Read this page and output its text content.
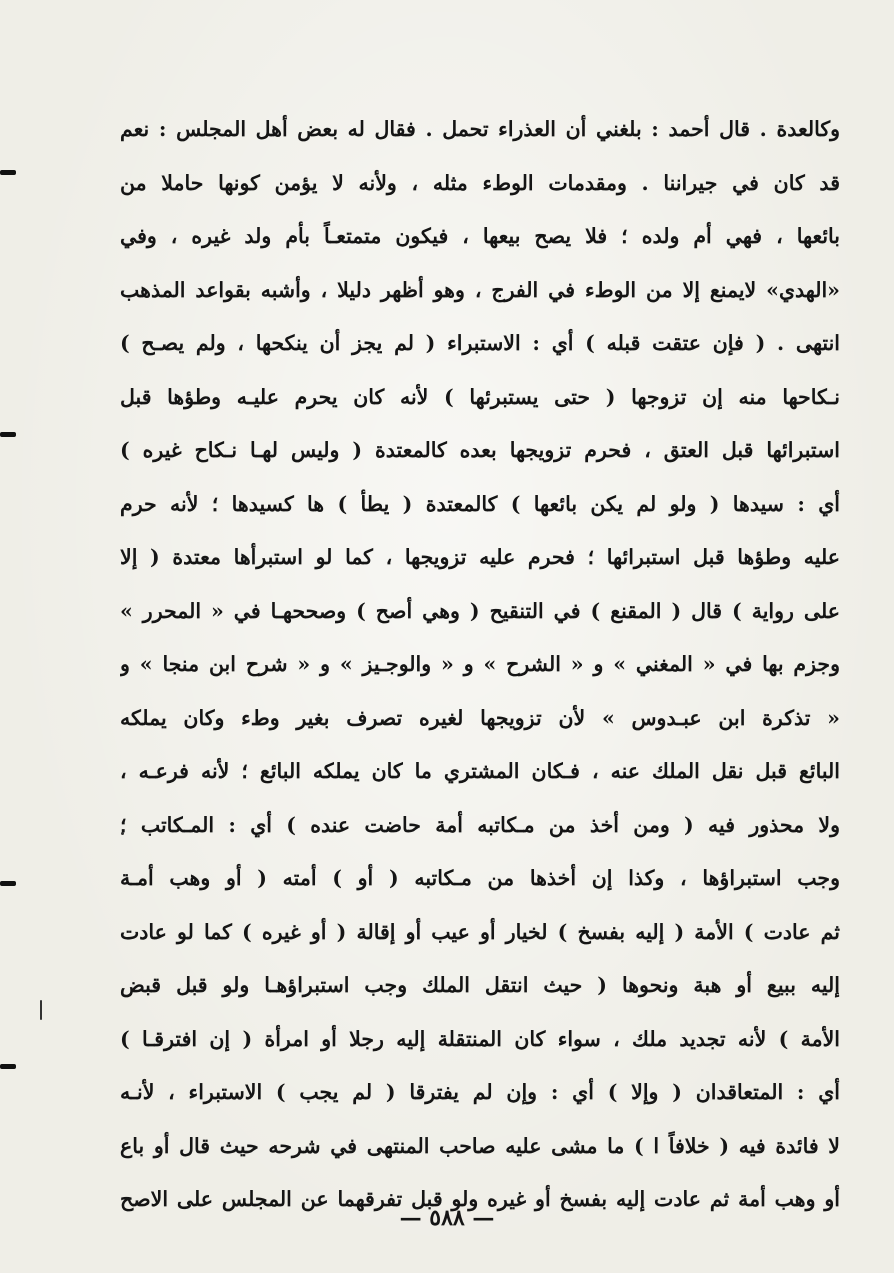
وكالعدة . قال أحمد : بلغني أن العذراء تحمل . فقال له بعض أهل المجلس : نعم
قد كان في جيراننا . ومقدمات الوطء مثله ، ولأنه لا يؤمن كونها حاملا من
بائعها ، فهي أم ولده ؛ فلا يصح بيعها ، فيكون متمتعـاً بأم ولد غيره ، وفي
«الهدي» لايمنع إلا من الوطء في الفرج ، وهو أظهر دليلا ، وأشبه بقواعد المذهب
انتهى . ( فإن عتقت قبله ) أي : الاستبراء ( لم يجز أن ينكحها ، ولم يصـح )
نـكاحها منه إن تزوجها ( حتى يستبرئها ) لأنه كان يحرم عليـه وطؤها قبل
استبرائها قبل العتق ، فحرم تزويجها بعده كالمعتدة ( وليس لهـا نـكاح غيره )
أي : سيدها ( ولو لم يكن بائعها ) كالمعتدة ( يطأ ) ها كسيدها ؛ لأنه حرم
عليه وطؤها قبل استبرائها ؛ فحرم عليه تزويجها ، كما لو استبرأها معتدة ( إلا
على رواية ) قال ( المقنع ) في التنقيح ( وهي أصح ) وصححهـا في « المحرر »
وجزم بها في « المغني » و « الشرح » و « والوجـيز » و « شرح ابن منجا » و
« تذكرة ابن عبـدوس » لأن تزويجها لغيره تصرف بغير وطء وكان يملكه
البائع قبل نقل الملك عنه ، فـكان المشتري ما كان يملكه البائع ؛ لأنه فرعـه ،
ولا محذور فيه ( ومن أخذ من مـكاتبه أمة حاضت عنده ) أي : المـكاتب ؛
وجب استبراؤها ، وكذا إن أخذها من مـكاتبه ( أو ) أمته ( أو وهب أمـة
ثم عادت ) الأمة ( إليه بفسخ ) لخيار أو عيب أو إقالة ( أو غيره ) كما لو عادت
إليه ببيع أو هبة ونحوها ( حيث انتقل الملك وجب استبراؤهـا ولو قبل قبض
الأمة ) لأنه تجديد ملك ، سواء كان المنتقلة إليه رجلا أو امرأة ( إن افترقـا )
أي : المتعاقدان ( وإلا ) أي : وإن لم يفترقا ( لم يجب ) الاستبراء ، لأنـه
لا فائدة فيه ( خلافاً ا ) ما مشى عليه صاحب المنتهى في شرحه حيث قال أو باع
أو وهب أمة ثم عادت إليه بفسخ أو غيره ولو قبل تفرقهما عن المجلس على الاصح
— ٥٨٨ —
